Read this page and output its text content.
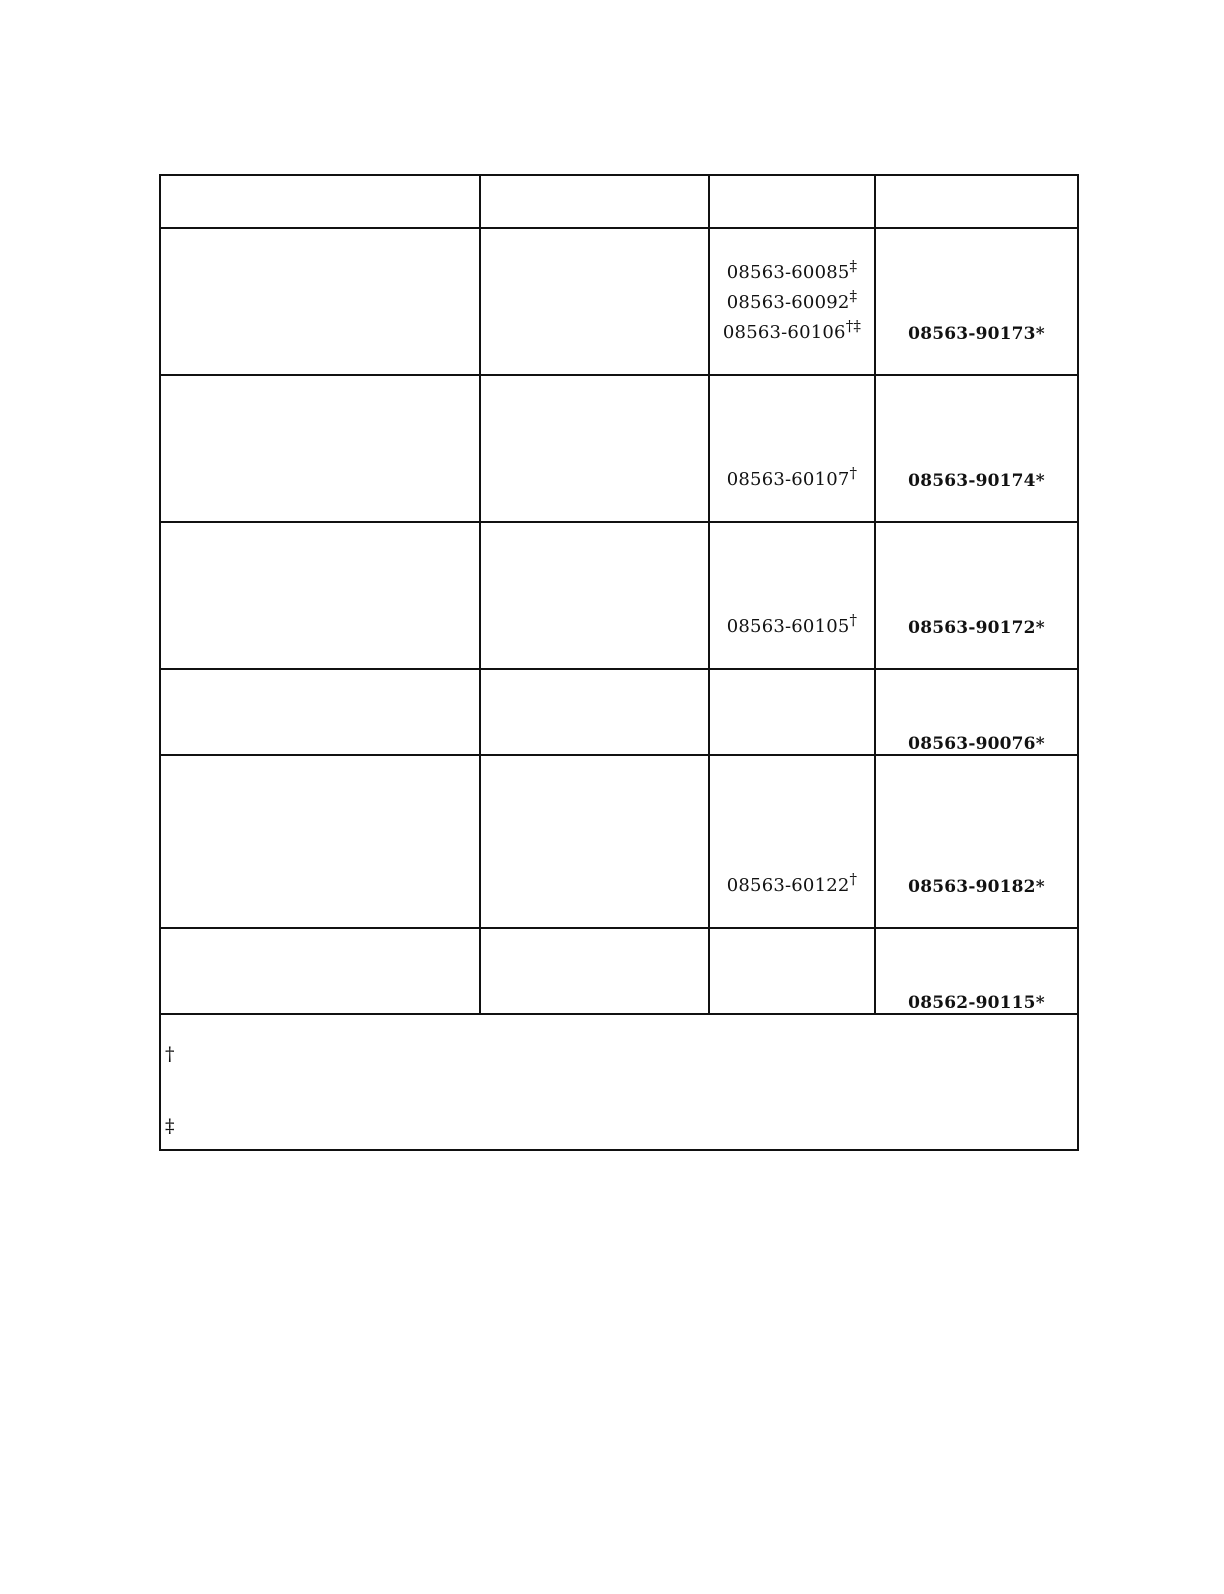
		08563-60085‡
08563-60092‡
08563-60106†‡	08563-90173*

		08563-60107†	08563-90174*

		08563-60105†	08563-90172*
			08563-90076*

		08563-60122†	08563-90182*
			08562-90115*

†
‡			
